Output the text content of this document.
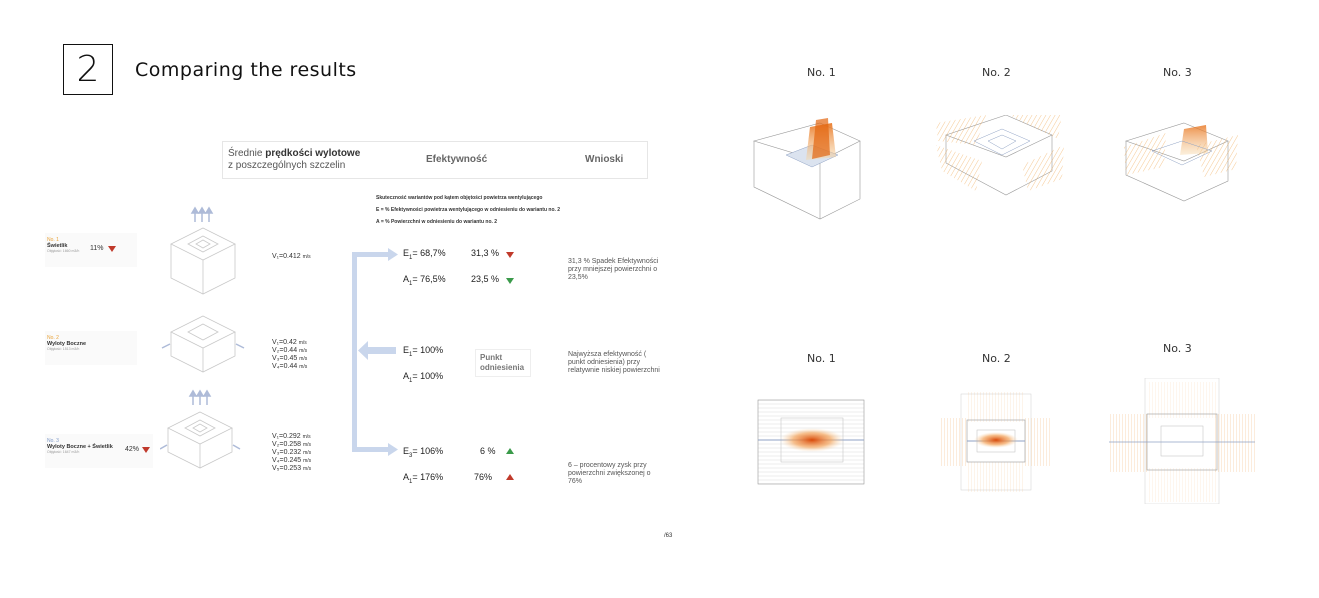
2 Comparing the results
Średnie prędkości wylotowe
z poszczególnych szczelin
Efektywność	Wnioski
Skuteczność wariantów pod kątem objętości powietrza wentylującego
E = % Efektywności powietrza wentylującego w odniesieniu do wariantu no. 2
A = % Powierzchni w odniesieniu do wariantu no. 2
No. 1
Świetlik
Objętość: 1660 m3/h	11%
No. 2
Wyloty Boczne
Objętość: 1513 m3/h
No. 3
Wyloty Boczne + Świetlik
Objętość: 1647 m3/h	42%
V₁=0.412 m/s
V₁=0.42 m/s
V₂=0.44 m/s
V₃=0.45 m/s
V₄=0.44 m/s
V₁=0.292 m/s
V₂=0.258 m/s
V₃=0.232 m/s
V₄=0.245 m/s
V₅=0.253 m/s
$E_1= 68,7\%$	31,3 %
$A_1= 76,5\%$	23,5 %
$E_1= 100\%$
$A_1= 100\%$
Punkt
odniesienia
$E_3= 106\%$	6 %
$A_1= 176\%$	76%
31,3 % Spadek Efektywności przy mniejszej powierzchni o 23,5%
Najwyższa efektywność ( punkt odniesienia) przy relatywnie niskiej powierzchni
6 – procentowy zysk przy powierzchni zwiększonej o 76%
No. 1	No. 2	No. 3
No. 1	No. 2
No. 3
/63
